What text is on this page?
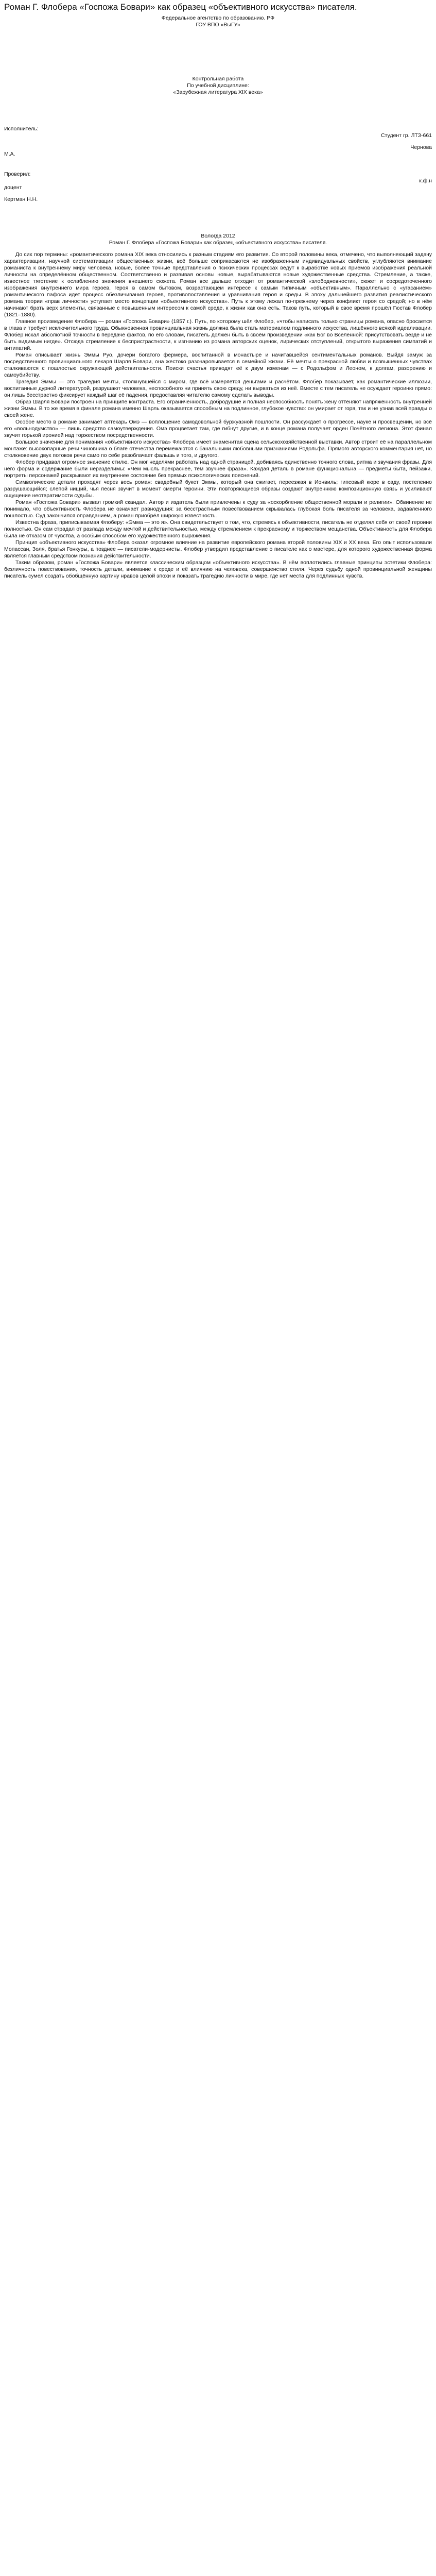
Роман Г. Флобера «Госпожа Бовари» как образец «объективного искусства» писателя.

Федеральное агентство по образованию. РФ

ГОУ ВПО «ВыГУ»

Контрольная работа

По учебной дисциплине:

«Зарубежная литература XIX века»

Исполнитель:

Студент гр. ЛТЗ-661

Чернова

М.А.

Проверил:

к.ф.н

доцент

Кертман Н.Н.

Вологда 2012

Роман Г. Флобера «Госпожа Бовари» как образец «объективного искусства» писателя.

До сих пор термины: «романтического романа XIX века относились к разным стадиям его развития. Со второй половины века, отмечено, что выполняющий задачу характеризации, научной систематизации общественных жизни, всё больше соприкасаются не изображенным индивидуальных свойств, углубляются внимание романиста к внутреннему миру человека, новые, более точные представления о психических процессах ведут к выработке новых приемов изображения реальной личности на определённом общественном. Соответственно и развивая основы новые, вырабатываются новые художественные средства. Стремление, а также, известное тяготение к ослаблению значения внешнего сюжета. Роман все дальше отходит от романтической «злободневности», сюжет и сосредоточенного изображения внутреннего мира героев, героя в самом бытовом, возрастающем интересе к самым типичным «объективным». Параллельно с «угасанием» романтического пафоса идет процесс обезличивания героев, противопоставления и уравнивания героя и среды. В эпоху дальнейшего развития реалистического романа теории «прав личности» уступает место концепции «объективного искусства». Путь к этому лежал по-прежнему через конфликт героя со средой; но в нём начинают брать верх элементы, связанные с повышенным интересом к самой среде, к жизни как она есть. Таков путь, который в свое время прошёл Гюстав Флобер (1821–1880).

Главное произведение Флобера — роман «Госпожа Бовари» (1857 г.). Путь, по которому шёл Флобер, «чтобы написать только страницы романа, опасно бросается в глаза и требует исключительного труда. Обыкновенная провинциальная жизнь должна была стать материалом подлинного искусства, лишённого всякой идеализации. Флобер искал абсолютной точности в передаче фактов, по его словам, писатель должен быть в своём произведении «как Бог во Вселенной: присутствовать везде и не быть видимым нигде». Отсюда стремление к беспристрастности, к изгнанию из романа авторских оценок, лирических отступлений, открытого выражения симпатий и антипатий.

Роман описывает жизнь Эммы Руо, дочери богатого фермера, воспитанной в монастыре и начитавшейся сентиментальных романов. Выйдя замуж за посредственного провинциального лекаря Шарля Бовари, она жестоко разочаровывается в семейной жизни. Её мечты о прекрасной любви и возвышенных чувствах сталкиваются с пошлостью окружающей действительности. Поиски счастья приводят её к двум изменам — с Родольфом и Леоном, к долгам, разорению и самоубийству.

Трагедия Эммы — это трагедия мечты, столкнувшейся с миром, где всё измеряется деньгами и расчётом. Флобер показывает, как романтические иллюзии, воспитанные дурной литературой, разрушают человека, неспособного ни принять свою среду, ни вырваться из неё. Вместе с тем писатель не осуждает героиню прямо: он лишь бесстрастно фиксирует каждый шаг её падения, предоставляя читателю самому сделать выводы.

Образ Шарля Бовари построен на принципе контраста. Его ограниченность, добродушие и полная неспособность понять жену оттеняют напряжённость внутренней жизни Эммы. В то же время в финале романа именно Шарль оказывается способным на подлинное, глубокое чувство: он умирает от горя, так и не узнав всей правды о своей жене.

Особое место в романе занимает аптекарь Омэ — воплощение самодовольной буржуазной пошлости. Он рассуждает о прогрессе, науке и просвещении, но всё его «вольнодумство» — лишь средство самоутверждения. Омэ процветает там, где гибнут другие, и в конце романа получает орден Почётного легиона. Этот финал звучит горькой иронией над торжеством посредственности.

Большое значение для понимания «объективного искусства» Флобера имеет знаменитая сцена сельскохозяйственной выставки. Автор строит её на параллельном монтаже: высокопарные речи чиновника о благе отечества перемежаются с банальными любовными признаниями Родольфа. Прямого авторского комментария нет, но столкновение двух потоков речи само по себе разоблачает фальшь и того, и другого.

Флобер придавал огромное значение стилю. Он мог неделями работать над одной страницей, добиваясь единственно точного слова, ритма и звучания фразы. Для него форма и содержание были неразделимы: «Чем мысль прекраснее, тем звучнее фраза». Каждая деталь в романе функциональна — предметы быта, пейзажи, портреты персонажей раскрывают их внутреннее состояние без прямых психологических пояснений.

Символические детали проходят через весь роман: свадебный букет Эммы, который она сжигает, переезжая в Ионвиль; гипсовый кюре в саду, постепенно разрушающийся; слепой нищий, чья песня звучит в момент смерти героини. Эти повторяющиеся образы создают внутреннюю композиционную связь и усиливают ощущение неотвратимости судьбы.

Роман «Госпожа Бовари» вызвал громкий скандал. Автор и издатель были привлечены к суду за «оскорбление общественной морали и религии». Обвинение не понимало, что объективность Флобера не означает равнодушия: за бесстрастным повествованием скрывалась глубокая боль писателя за человека, задавленного пошлостью. Суд закончился оправданием, а роман приобрёл широкую известность.

Известна фраза, приписываемая Флоберу: «Эмма — это я». Она свидетельствует о том, что, стремясь к объективности, писатель не отделял себя от своей героини полностью. Он сам страдал от разлада между мечтой и действительностью, между стремлением к прекрасному и торжеством мещанства. Объективность для Флобера была не отказом от чувства, а особым способом его художественного выражения.

Принцип «объективного искусства» Флобера оказал огромное влияние на развитие европейского романа второй половины XIX и XX века. Его опыт использовали Мопассан, Золя, братья Гонкуры, а позднее — писатели-модернисты. Флобер утвердил представление о писателе как о мастере, для которого художественная форма является главным средством познания действительности.

Таким образом, роман «Госпожа Бовари» является классическим образцом «объективного искусства». В нём воплотились главные принципы эстетики Флобера: безличность повествования, точность детали, внимание к среде и её влиянию на человека, совершенство стиля. Через судьбу одной провинциальной женщины писатель сумел создать обобщённую картину нравов целой эпохи и показать трагедию личности в мире, где нет места для подлинных чувств.
